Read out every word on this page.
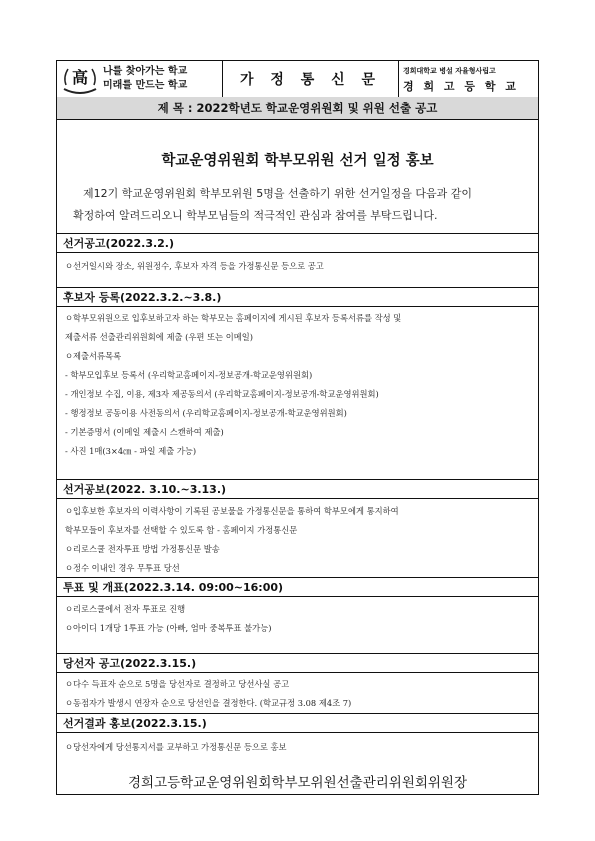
高 나를 찾아가는 학교
미래를 만드는 학교	가 정 통 신 문
경희대학교 병설 자율형사립고
경 희 고 등 학 교
제 목 : 2022학년도 학교운영위원회 및 위원 선출 공고
학교운영위원회 학부모위원 선거 일정 홍보

제12기 학교운영위원회 학부모위원 5명을 선출하기 위한 선거일정을 다음과 같이

확정하여 알려드리오니 학부모님들의 적극적인 관심과 참여를 부탁드립니다.

선거공고(2022.3.2.)
ㅇ선거일시와 장소, 위원정수, 후보자 자격 등을 가정통신문 등으로 공고
후보자 등록(2022.3.2.~3.8.)
ㅇ학부모위원으로 입후보하고자 하는 학부모는 홈페이지에 게시된 후보자 등록서류를 작성 및
제출서류 선출관리위원회에 제출 (우편 또는 이메일)
ㅇ제출서류목록
- 학부모입후보 등록서 (우리학교홈페이지-정보공개-학교운영위원회)
- 개인정보 수집, 이용, 제3자 제공동의서 (우리학교홈페이지-정보공개-학교운영위원회)
- 행정정보 공동이용 사전동의서 (우리학교홈페이지-정보공개-학교운영위원회)
- 기본증명서 (이메일 제출시 스캔하여 제출)
- 사진 1매(3×4㎝ - 파일 제출 가능)
선거공보(2022. 3.10.~3.13.)
ㅇ입후보한 후보자의 이력사항이 기록된 공보물을 가정통신문을 통하여 학부모에게 통지하여
학부모들이 후보자를 선택할 수 있도록 함 - 홈페이지 가정통신문
ㅇ리로스쿨 전자투표 방법 가정통신문 발송
ㅇ정수 이내인 경우 무투표 당선
투표 및 개표(2022.3.14. 09:00~16:00)
ㅇ리로스쿨에서 전자 투표로 진행
ㅇ아이디 1개당 1투표 가능 (아빠, 엄마 중복투표 불가능)
당선자 공고(2022.3.15.)
ㅇ다수 득표자 순으로 5명을 당선자로 결정하고 당선사실 공고
ㅇ동점자가 발생시 연장자 순으로 당선인을 결정한다. (학교규정 3.08 제4조 7)
선거결과 홍보(2022.3.15.)
ㅇ당선자에게 당선통지서를 교부하고 가정통신문 등으로 홍보
경희고등학교운영위원회학부모위원선출관리위원회위원장
